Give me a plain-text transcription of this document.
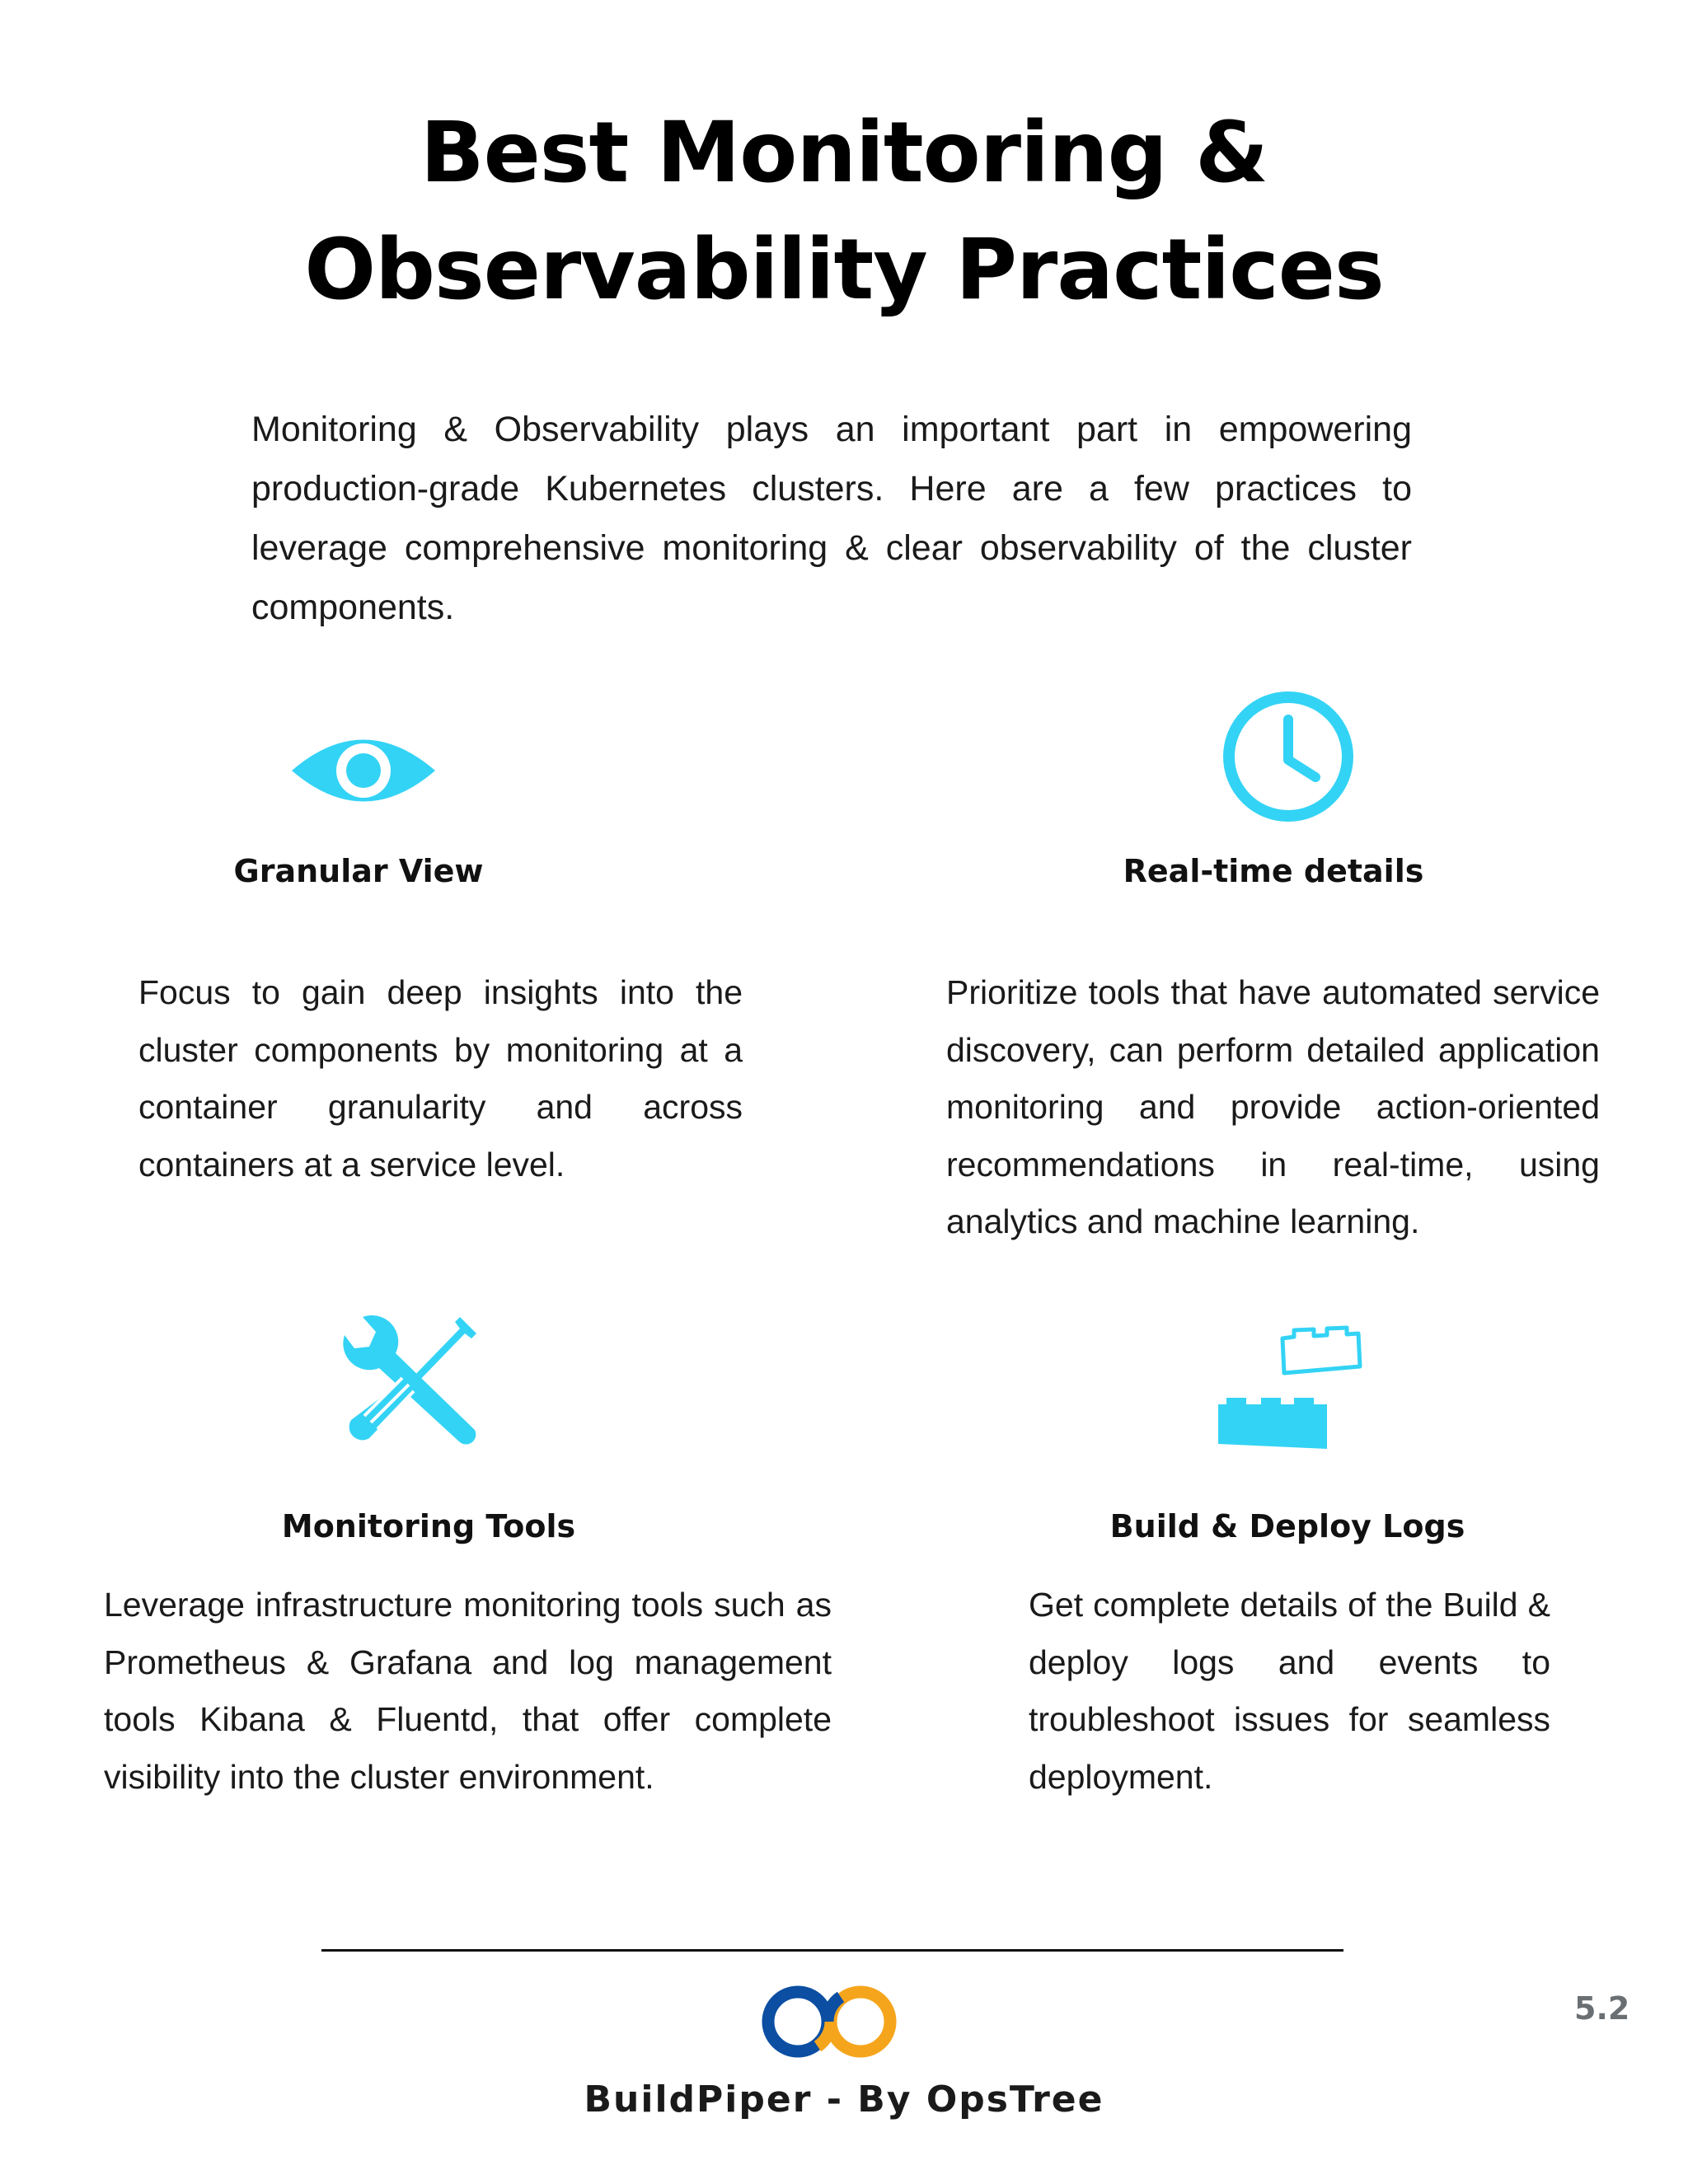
Best Monitoring &
Observability Practices
Monitoring & Observability plays an important part in empowering production-grade Kubernetes clusters. Here are a few practices to leverage comprehensive monitoring & clear observability of the cluster components.
Granular View
Focus to gain deep insights into the cluster components by monitoring at a container granularity and across containers at a service level.
Real-time details
Prioritize tools that have automated service discovery, can perform detailed application monitoring and provide action-oriented recommendations in real-time, using analytics and machine learning.
Monitoring Tools
Leverage infrastructure monitoring tools such as Prometheus & Grafana and log management tools Kibana & Fluentd, that offer complete visibility into the cluster environment.
Build & Deploy Logs
Get complete details of the Build & deploy logs and events to troubleshoot issues for seamless deployment.
5.2
BuildPiper - By OpsTree
